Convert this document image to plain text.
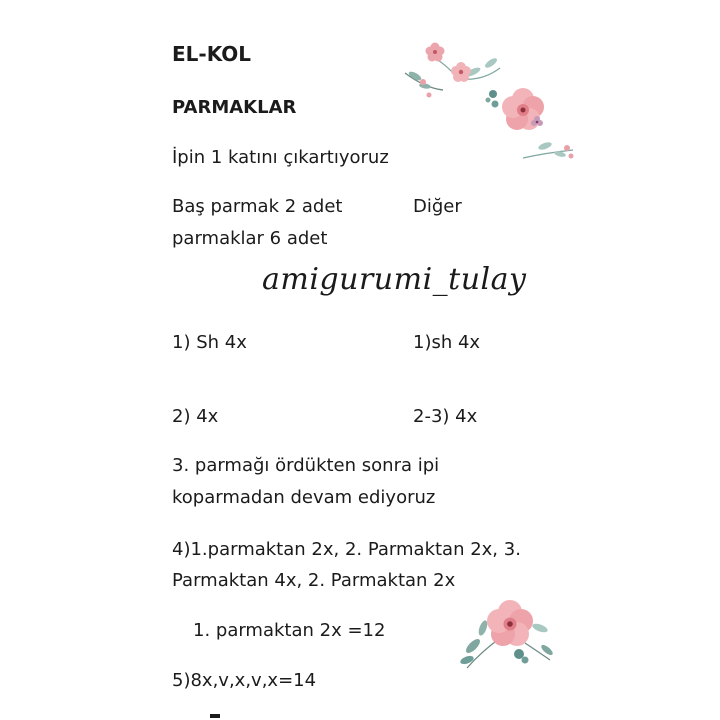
EL-KOL
PARMAKLAR
İpin 1 katını çıkartıyoruz
Baş parmak 2 adet	Diğer
parmaklar 6 adet
amigurumi_tulay
1) Sh 4x	1)sh 4x
2) 4x	2-3) 4x
3. parmağı ördükten sonra ipi
koparmadan devam ediyoruz
4)1.parmaktan 2x, 2. Parmaktan 2x, 3.
Parmaktan 4x, 2. Parmaktan 2x
1. parmaktan 2x =12
5)8x,v,x,v,x=14
